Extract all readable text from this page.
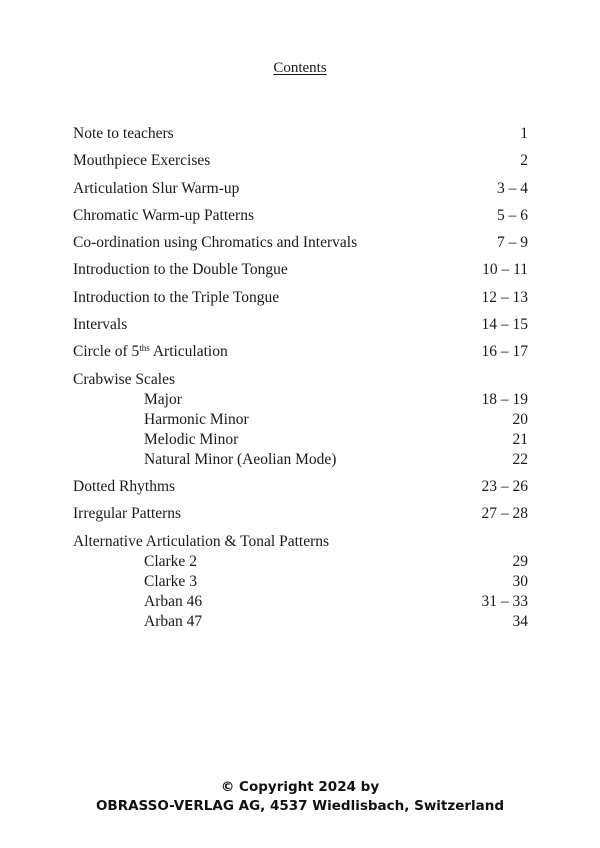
Contents
Note to teachers	1
Mouthpiece Exercises	2
Articulation Slur Warm-up	3 – 4
Chromatic Warm-up Patterns	5 – 6
Co-ordination using Chromatics and Intervals	7 – 9
Introduction to the Double Tongue	10 – 11
Introduction to the Triple Tongue	12 – 13
Intervals	14 – 15
Circle of $5^{ths}$ Articulation	16 – 17
Crabwise Scales
Major	18 – 19
Harmonic Minor	20
Melodic Minor	21
Natural Minor (Aeolian Mode)	22
Dotted Rhythms	23 – 26
Irregular Patterns	27 – 28
Alternative Articulation & Tonal Patterns
Clarke 2	29
Clarke 3	30
Arban 46	31 – 33
Arban 47	34
© Copyright 2024 by
OBRASSO-VERLAG AG, 4537 Wiedlisbach, Switzerland
